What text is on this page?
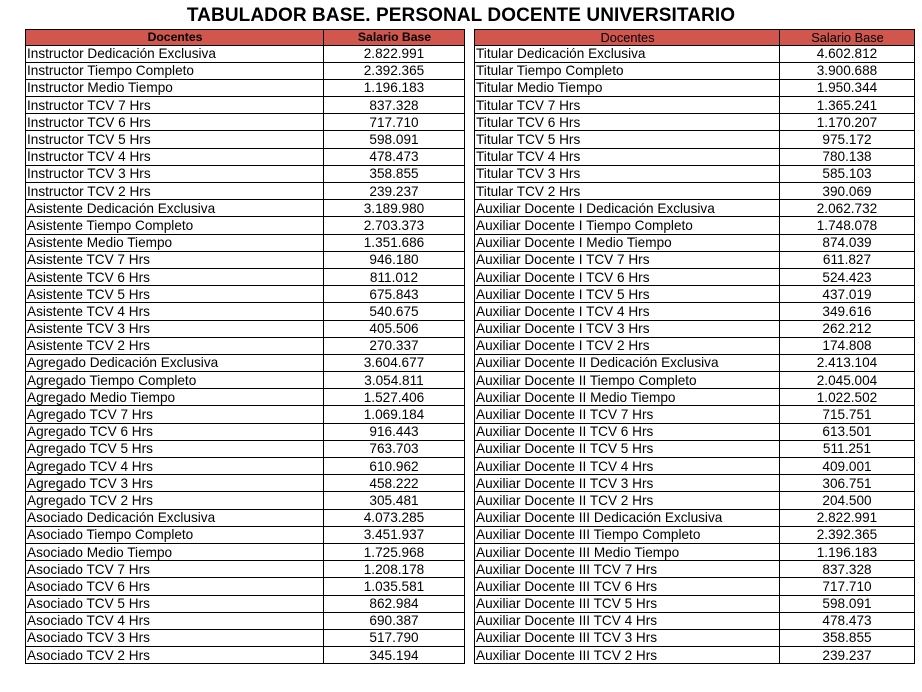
TABULADOR BASE. PERSONAL DOCENTE UNIVERSITARIO
Docentes	Salario Base
Instructor Dedicación Exclusiva	2.822.991
Instructor Tiempo Completo	2.392.365
Instructor Medio Tiempo	1.196.183
Instructor TCV 7 Hrs	837.328
Instructor TCV 6 Hrs	717.710
Instructor TCV 5 Hrs	598.091
Instructor TCV 4 Hrs	478.473
Instructor TCV 3 Hrs	358.855
Instructor TCV 2 Hrs	239.237
Asistente Dedicación Exclusiva	3.189.980
Asistente Tiempo Completo	2.703.373
Asistente Medio Tiempo	1.351.686
Asistente TCV 7 Hrs	946.180
Asistente TCV 6 Hrs	811.012
Asistente TCV 5 Hrs	675.843
Asistente TCV 4 Hrs	540.675
Asistente TCV 3 Hrs	405.506
Asistente TCV 2 Hrs	270.337
Agregado Dedicación Exclusiva	3.604.677
Agregado Tiempo Completo	3.054.811
Agregado Medio Tiempo	1.527.406
Agregado TCV 7 Hrs	1.069.184
Agregado TCV 6 Hrs	916.443
Agregado TCV 5 Hrs	763.703
Agregado TCV 4 Hrs	610.962
Agregado TCV 3 Hrs	458.222
Agregado TCV 2 Hrs	305.481
Asociado Dedicación Exclusiva	4.073.285
Asociado Tiempo Completo	3.451.937
Asociado Medio Tiempo	1.725.968
Asociado TCV 7 Hrs	1.208.178
Asociado TCV 6 Hrs	1.035.581
Asociado TCV 5 Hrs	862.984
Asociado TCV 4 Hrs	690.387
Asociado TCV 3 Hrs	517.790
Asociado TCV 2 Hrs	345.194
Docentes	Salario Base
Titular Dedicación Exclusiva	4.602.812
Titular Tiempo Completo	3.900.688
Titular Medio Tiempo	1.950.344
Titular TCV 7 Hrs	1.365.241
Titular TCV 6 Hrs	1.170.207
Titular TCV 5 Hrs	975.172
Titular TCV 4 Hrs	780.138
Titular TCV 3 Hrs	585.103
Titular TCV 2 Hrs	390.069
Auxiliar Docente I Dedicación Exclusiva	2.062.732
Auxiliar Docente I Tiempo Completo	1.748.078
Auxiliar Docente I Medio Tiempo	874.039
Auxiliar Docente I TCV 7 Hrs	611.827
Auxiliar Docente I TCV 6 Hrs	524.423
Auxiliar Docente I TCV 5 Hrs	437.019
Auxiliar Docente I TCV 4 Hrs	349.616
Auxiliar Docente I TCV 3 Hrs	262.212
Auxiliar Docente I TCV 2 Hrs	174.808
Auxiliar Docente II Dedicación Exclusiva	2.413.104
Auxiliar Docente II Tiempo Completo	2.045.004
Auxiliar Docente II Medio Tiempo	1.022.502
Auxiliar Docente II TCV 7 Hrs	715.751
Auxiliar Docente II TCV 6 Hrs	613.501
Auxiliar Docente II TCV 5 Hrs	511.251
Auxiliar Docente II TCV 4 Hrs	409.001
Auxiliar Docente II TCV 3 Hrs	306.751
Auxiliar Docente II TCV 2 Hrs	204.500
Auxiliar Docente III Dedicación Exclusiva	2.822.991
Auxiliar Docente III Tiempo Completo	2.392.365
Auxiliar Docente III Medio Tiempo	1.196.183
Auxiliar Docente III TCV 7 Hrs	837.328
Auxiliar Docente III TCV 6 Hrs	717.710
Auxiliar Docente III TCV 5 Hrs	598.091
Auxiliar Docente III TCV 4 Hrs	478.473
Auxiliar Docente III TCV 3 Hrs	358.855
Auxiliar Docente III TCV 2 Hrs	239.237
